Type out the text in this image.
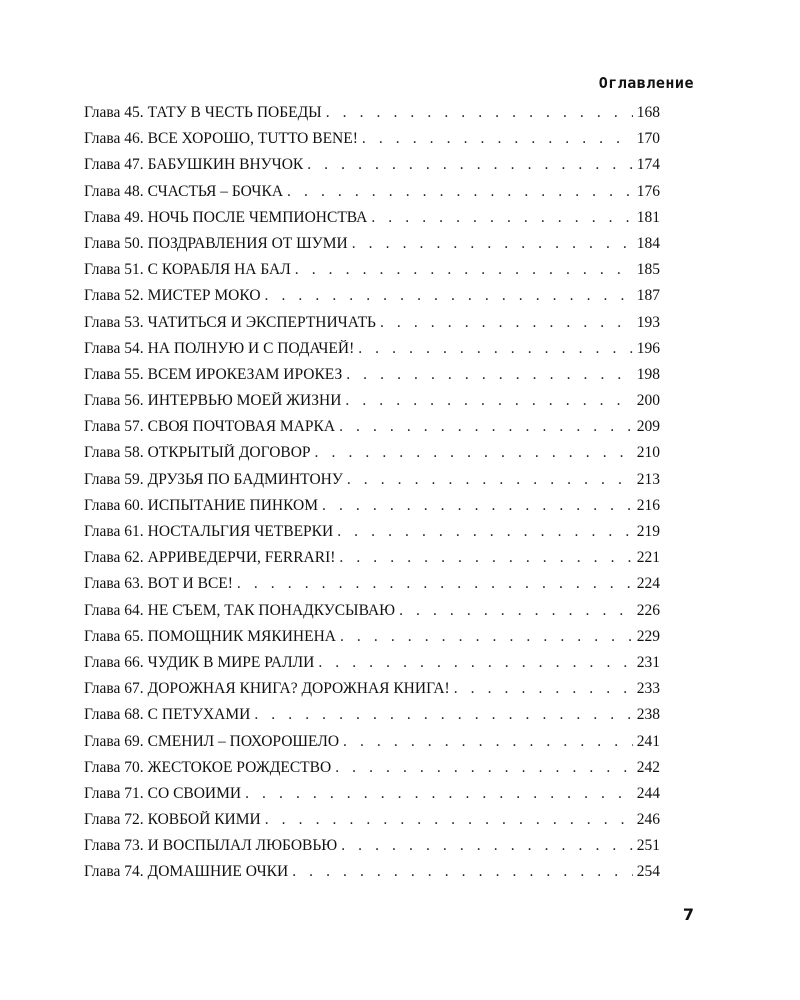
Оглавление
Глава 45. ТАТУ В ЧЕСТЬ ПОБЕДЫ . . .	168
Глава 46. ВСЕ ХОРОШО, TUTTO BENE! . . .	170
Глава 47. БАБУШКИН ВНУЧОК . . .	174
Глава 48. СЧАСТЬЯ – БОЧКА . . .	176
Глава 49. НОЧЬ ПОСЛЕ ЧЕМПИОНСТВА . . .	181
Глава 50. ПОЗДРАВЛЕНИЯ ОТ ШУМИ . . .	184
Глава 51. С КОРАБЛЯ НА БАЛ . . .	185
Глава 52. МИСТЕР МОКО . . .	187
Глава 53. ЧАТИТЬСЯ И ЭКСПЕРТНИЧАТЬ . . .	193
Глава 54. НА ПОЛНУЮ И С ПОДАЧЕЙ! . . .	196
Глава 55. ВСЕМ ИРОКЕЗАМ ИРОКЕЗ . . .	198
Глава 56. ИНТЕРВЬЮ МОЕЙ ЖИЗНИ . . .	200
Глава 57. СВОЯ ПОЧТОВАЯ МАРКА . . .	209
Глава 58. ОТКРЫТЫЙ ДОГОВОР . . .	210
Глава 59. ДРУЗЬЯ ПО БАДМИНТОНУ . . .	213
Глава 60. ИСПЫТАНИЕ ПИНКОМ . . .	216
Глава 61. НОСТАЛЬГИЯ ЧЕТВЕРКИ . . .	219
Глава 62. АРРИВЕДЕРЧИ, FERRARI! . . .	221
Глава 63. ВОТ И ВСЕ! . . .	224
Глава 64. НЕ СЪЕМ, ТАК ПОНАДКУСЫВАЮ . . .	226
Глава 65. ПОМОЩНИК МЯКИНЕНА . . .	229
Глава 66. ЧУДИК В МИРЕ РАЛЛИ . . .	231
Глава 67. ДОРОЖНАЯ КНИГА? ДОРОЖНАЯ КНИГА! . . .	233
Глава 68. С ПЕТУХАМИ . . .	238
Глава 69. СМЕНИЛ – ПОХОРОШЕЛО . . .	241
Глава 70. ЖЕСТОКОЕ РОЖДЕСТВО . . .	242
Глава 71. СО СВОИМИ . . .	244
Глава 72. КОВБОЙ КИМИ . . .	246
Глава 73. И ВОСПЫЛАЛ ЛЮБОВЬЮ . . .	251
Глава 74. ДОМАШНИЕ ОЧКИ . . .	254
7
